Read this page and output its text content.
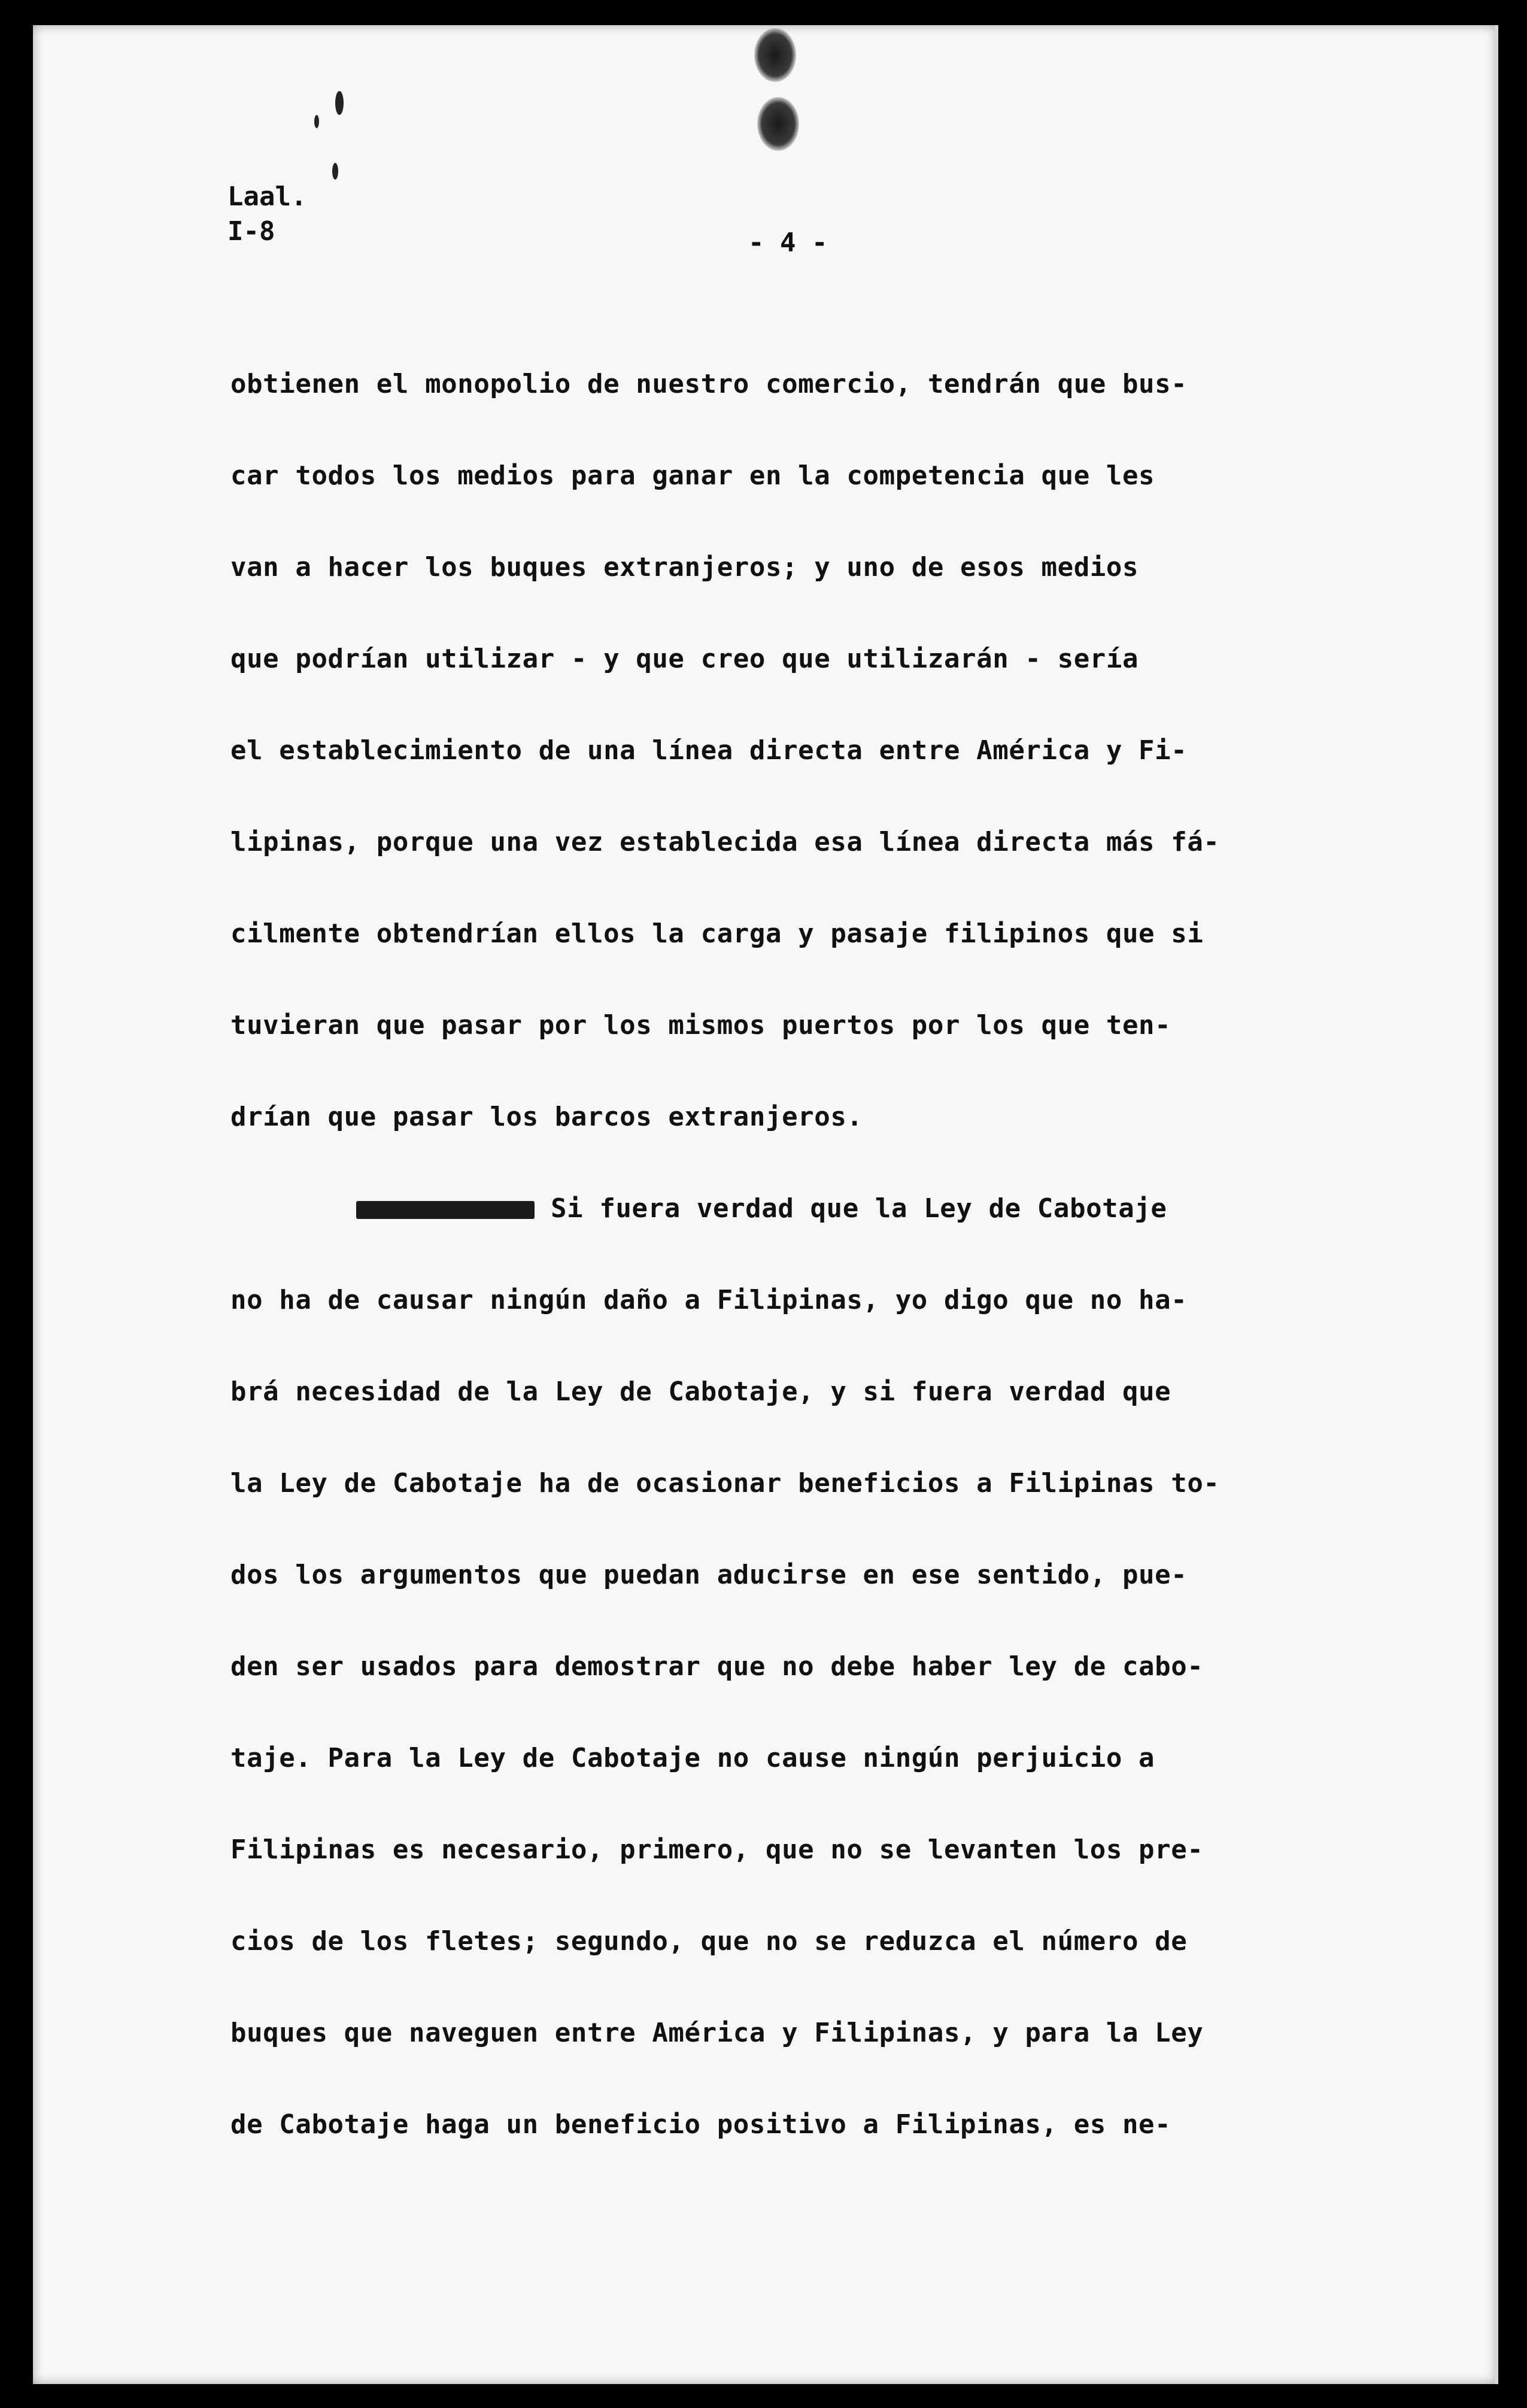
Laal.
I-8	- 4 -
obtienen el monopolio de nuestro comercio, tendrán que bus-
car todos los medios para ganar en la competencia que les
van a hacer los buques extranjeros; y uno de esos medios
que podrían utilizar - y que creo que utilizarán - sería
el establecimiento de una línea directa entre América y Fi-
lipinas, porque una vez establecida esa línea directa más fá-
cilmente obtendrían ellos la carga y pasaje filipinos que si
tuvieran que pasar por los mismos puertos por los que ten-
drían que pasar los barcos extranjeros.
Si fuera verdad que la Ley de Cabotaje
no ha de causar ningún daño a Filipinas, yo digo que no ha-
brá necesidad de la Ley de Cabotaje, y si fuera verdad que
la Ley de Cabotaje ha de ocasionar beneficios a Filipinas to-
dos los argumentos que puedan aducirse en ese sentido, pue-
den ser usados para demostrar que no debe haber ley de cabo-
taje. Para la Ley de Cabotaje no cause ningún perjuicio a
Filipinas es necesario, primero, que no se levanten los pre-
cios de los fletes; segundo, que no se reduzca el número de
buques que naveguen entre América y Filipinas, y para la Ley
de Cabotaje haga un beneficio positivo a Filipinas, es ne-
